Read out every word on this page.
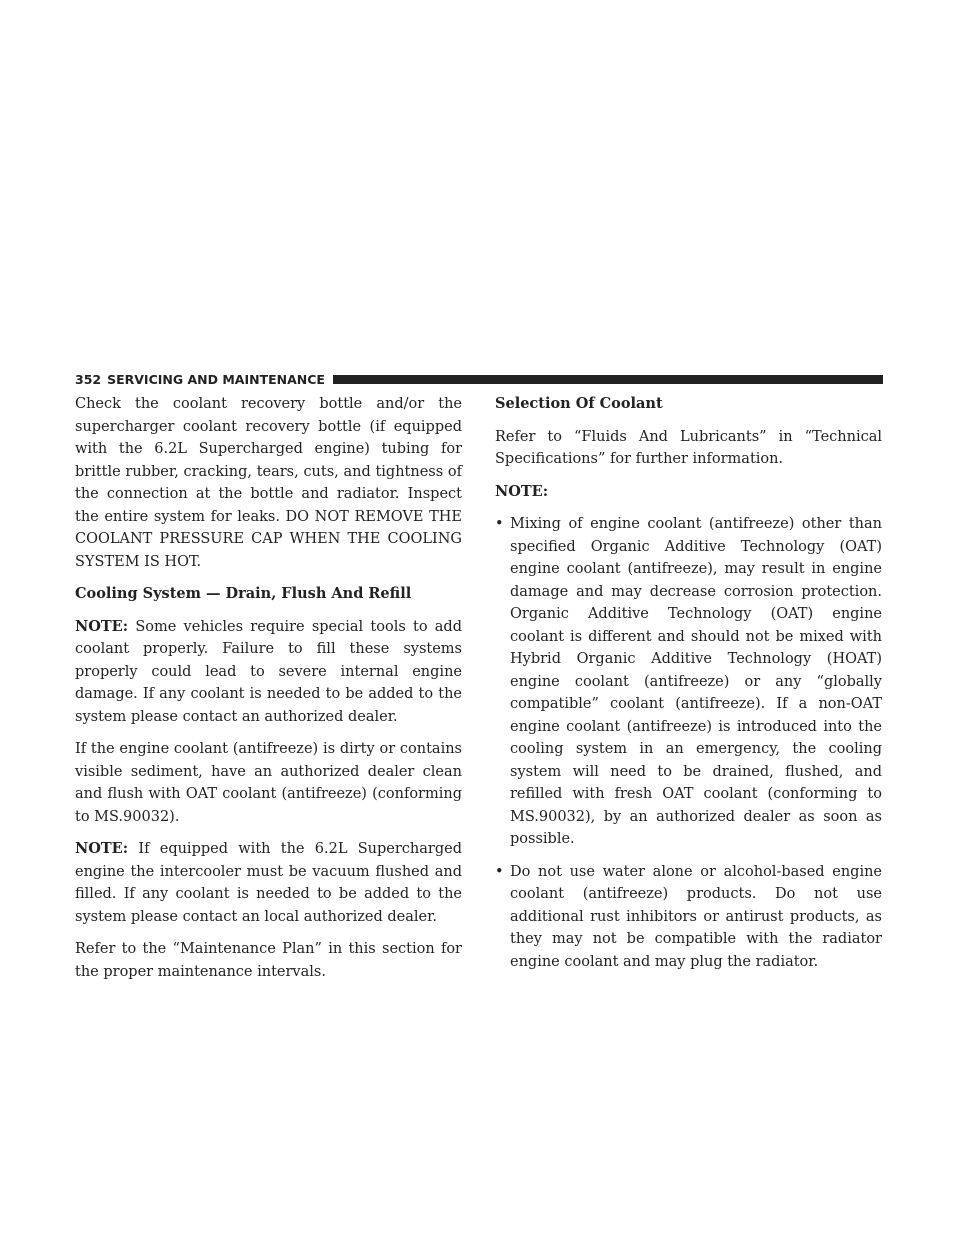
352 SERVICING AND MAINTENANCE

Check the coolant recovery bottle and/or the supercharger coolant recovery bottle (if equipped with the 6.2L Supercharged engine) tubing for brittle rubber, cracking, tears, cuts, and tightness of the connection at the bottle and radiator. Inspect the entire system for leaks. DO NOT REMOVE THE COOLANT PRESSURE CAP WHEN THE COOLING SYSTEM IS HOT.

Cooling System — Drain, Flush And Refill

NOTE: Some vehicles require special tools to add coolant properly. Failure to fill these systems properly could lead to severe internal engine damage. If any coolant is needed to be added to the system please contact an authorized dealer.

If the engine coolant (antifreeze) is dirty or contains visible sediment, have an authorized dealer clean and flush with OAT coolant (antifreeze) (conforming to MS.90032).

NOTE: If equipped with the 6.2L Supercharged engine the intercooler must be vacuum flushed and filled. If any coolant is needed to be added to the system please contact an local authorized dealer.

Refer to the “Maintenance Plan” in this section for the proper maintenance intervals.

Selection Of Coolant

Refer to “Fluids And Lubricants” in “Technical Specifications” for further information.

NOTE:

• Mixing of engine coolant (antifreeze) other than specified Organic Additive Technology (OAT) engine coolant (antifreeze), may result in engine damage and may decrease corrosion protection. Organic Additive Technology (OAT) engine coolant is different and should not be mixed with Hybrid Organic Additive Technology (HOAT) engine coolant (antifreeze) or any “globally compatible” coolant (antifreeze). If a non-OAT engine coolant (antifreeze) is introduced into the cooling system in an emergency, the cooling system will need to be drained, flushed, and refilled with fresh OAT coolant (conforming to MS.90032), by an authorized dealer as soon as possible.
• Do not use water alone or alcohol-based engine coolant (antifreeze) products. Do not use additional rust inhibitors or antirust products, as they may not be compatible with the radiator engine coolant and may plug the radiator.
